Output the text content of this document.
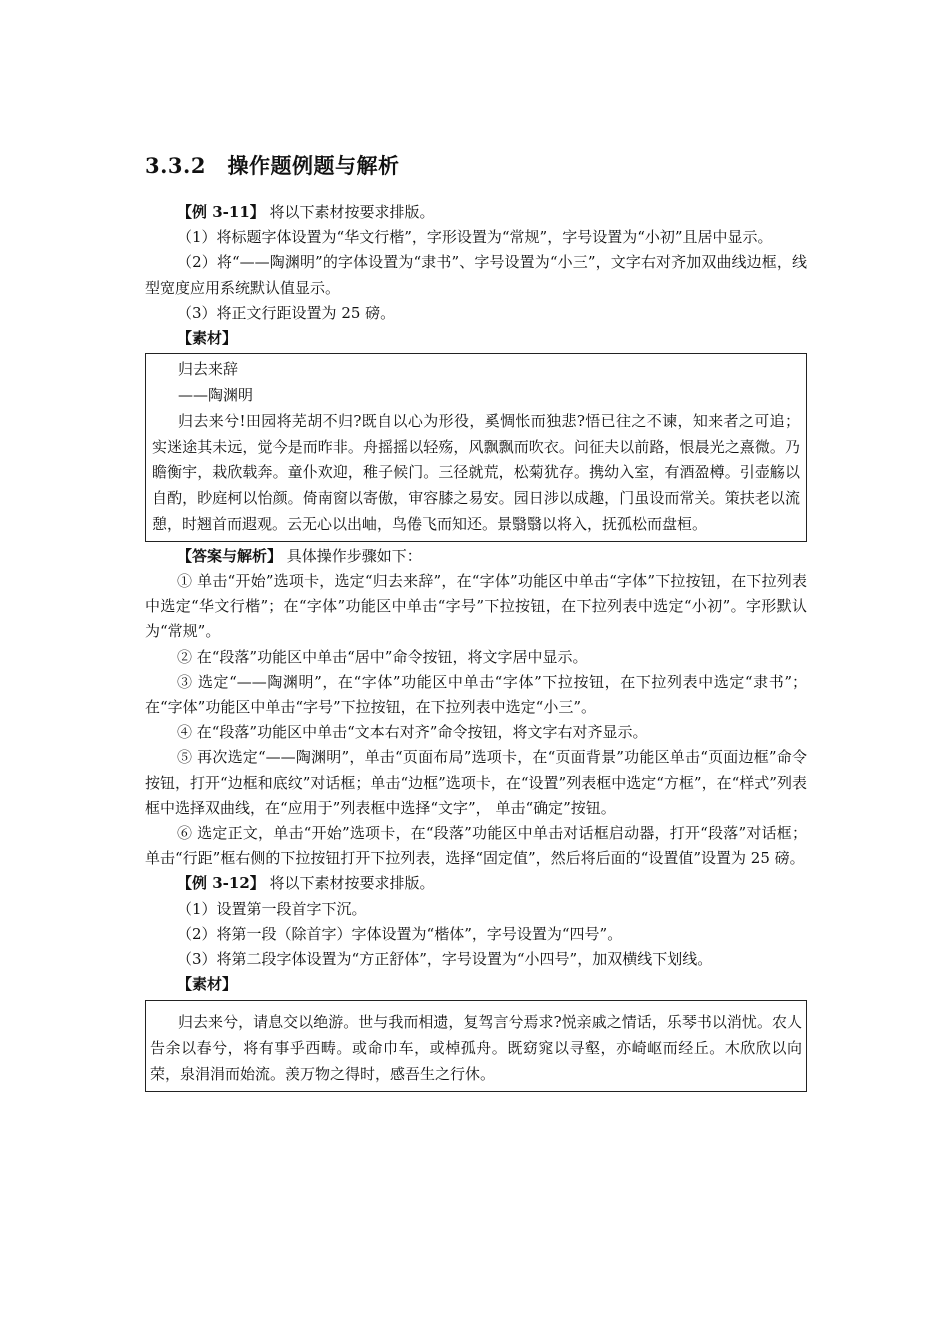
3.3.2　操作题例题与解析

【例 3-11】 将以下素材按要求排版。

（1）将标题字体设置为“华文行楷”，字形设置为“常规”，字号设置为“小初”且居中显示。

（2）将“——陶渊明”的字体设置为“隶书”、字号设置为“小三”，文字右对齐加双曲线边框，线型宽度应用系统默认值显示。

（3）将正文行距设置为 25 磅。

【素材】

归去来辞

——陶渊明

归去来兮!田园将芜胡不归?既自以心为形役，奚惆怅而独悲?悟已往之不谏，知来者之可追；实迷途其未远，觉今是而昨非。舟摇摇以轻殇，风飘飘而吹衣。问征夫以前路，恨晨光之熹微。乃瞻衡宇，栽欣载奔。童仆欢迎，稚子候门。三径就荒，松菊犹存。携幼入室，有酒盈樽。引壶觞以自酌，眇庭柯以怡颜。倚南窗以寄傲，审容膝之易安。园日涉以成趣，门虽设而常关。策扶老以流憩，时翘首而遐观。云无心以出岫，鸟倦飞而知还。景翳翳以将入，抚孤松而盘桓。

【答案与解析】 具体操作步骤如下：

① 单击“开始”选项卡，选定“归去来辞”，在“字体”功能区中单击“字体”下拉按钮，在下拉列表中选定“华文行楷”；在“字体”功能区中单击“字号”下拉按钮，在下拉列表中选定“小初”。字形默认为“常规”。

② 在“段落”功能区中单击“居中”命令按钮，将文字居中显示。

③ 选定“——陶渊明”，在“字体”功能区中单击“字体”下拉按钮，在下拉列表中选定“隶书”；在“字体”功能区中单击“字号”下拉按钮，在下拉列表中选定“小三”。

④ 在“段落”功能区中单击“文本右对齐”命令按钮，将文字右对齐显示。

⑤ 再次选定“——陶渊明”，单击“页面布局”选项卡，在“页面背景”功能区单击“页面边框”命令按钮，打开“边框和底纹”对话框；单击“边框”选项卡，在“设置”列表框中选定“方框”，在“样式”列表框中选择双曲线，在“应用于”列表框中选择“文字”， 单击“确定”按钮。

⑥ 选定正文，单击“开始”选项卡，在“段落”功能区中单击对话框启动器，打开“段落”对话框；单击“行距”框右侧的下拉按钮打开下拉列表，选择“固定值”，然后将后面的“设置值”设置为 25 磅。

【例 3-12】 将以下素材按要求排版。

（1）设置第一段首字下沉。

（2）将第一段（除首字）字体设置为“楷体”，字号设置为“四号”。

（3）将第二段字体设置为“方正舒体”，字号设置为“小四号”，加双横线下划线。

【素材】

归去来兮，请息交以绝游。世与我而相遗，复驾言兮焉求?悦亲戚之情话，乐琴书以消忧。农人告余以春兮，将有事乎西畴。或命巾车，或棹孤舟。既窈窕以寻壑，亦崎岖而经丘。木欣欣以向荣，泉涓涓而始流。羡万物之得时，感吾生之行休。
